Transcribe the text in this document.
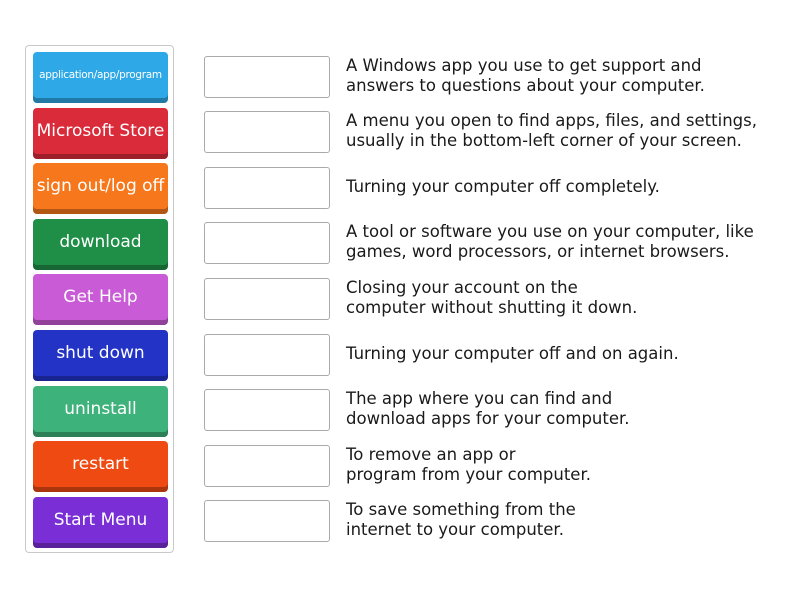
application/app/program
Microsoft Store
sign out/log off
download
Get Help
shut down
uninstall
restart
Start Menu
A Windows app you use to get support and
answers to questions about your computer.
A menu you open to find apps, files, and settings,
usually in the bottom-left corner of your screen.
Turning your computer off completely.
A tool or software you use on your computer, like
games, word processors, or internet browsers.
Closing your account on the
computer without shutting it down.
Turning your computer off and on again.
The app where you can find and
download apps for your computer.
To remove an app or
program from your computer.
To save something from the
internet to your computer.
